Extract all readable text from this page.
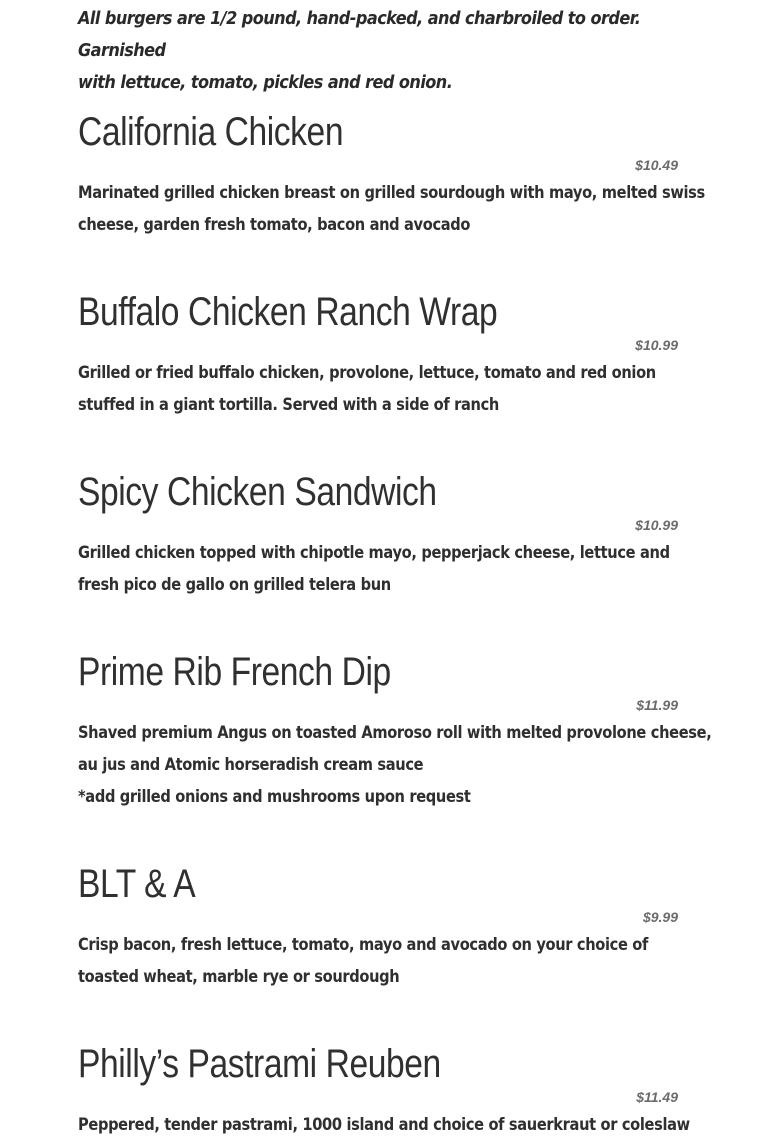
All burgers are 1/2 pound, hand-packed, and charbroiled to order. Garnished
with lettuce, tomato, pickles and red onion.
California Chicken
$10.49
Marinated grilled chicken breast on grilled sourdough with mayo, melted swiss
cheese, garden fresh tomato, bacon and avocado
Buffalo Chicken Ranch Wrap
$10.99
Grilled or fried buffalo chicken, provolone, lettuce, tomato and red onion
stuffed in a giant tortilla. Served with a side of ranch
Spicy Chicken Sandwich
$10.99
Grilled chicken topped with chipotle mayo, pepperjack cheese, lettuce and
fresh pico de gallo on grilled telera bun
Prime Rib French Dip
$11.99
Shaved premium Angus on toasted Amoroso roll with melted provolone cheese,
au jus and Atomic horseradish cream sauce
*add grilled onions and mushrooms upon request
BLT & A
$9.99
Crisp bacon, fresh lettuce, tomato, mayo and avocado on your choice of
toasted wheat, marble rye or sourdough
Philly’s Pastrami Reuben
$11.49
Peppered, tender pastrami, 1000 island and choice of sauerkraut or coleslaw
